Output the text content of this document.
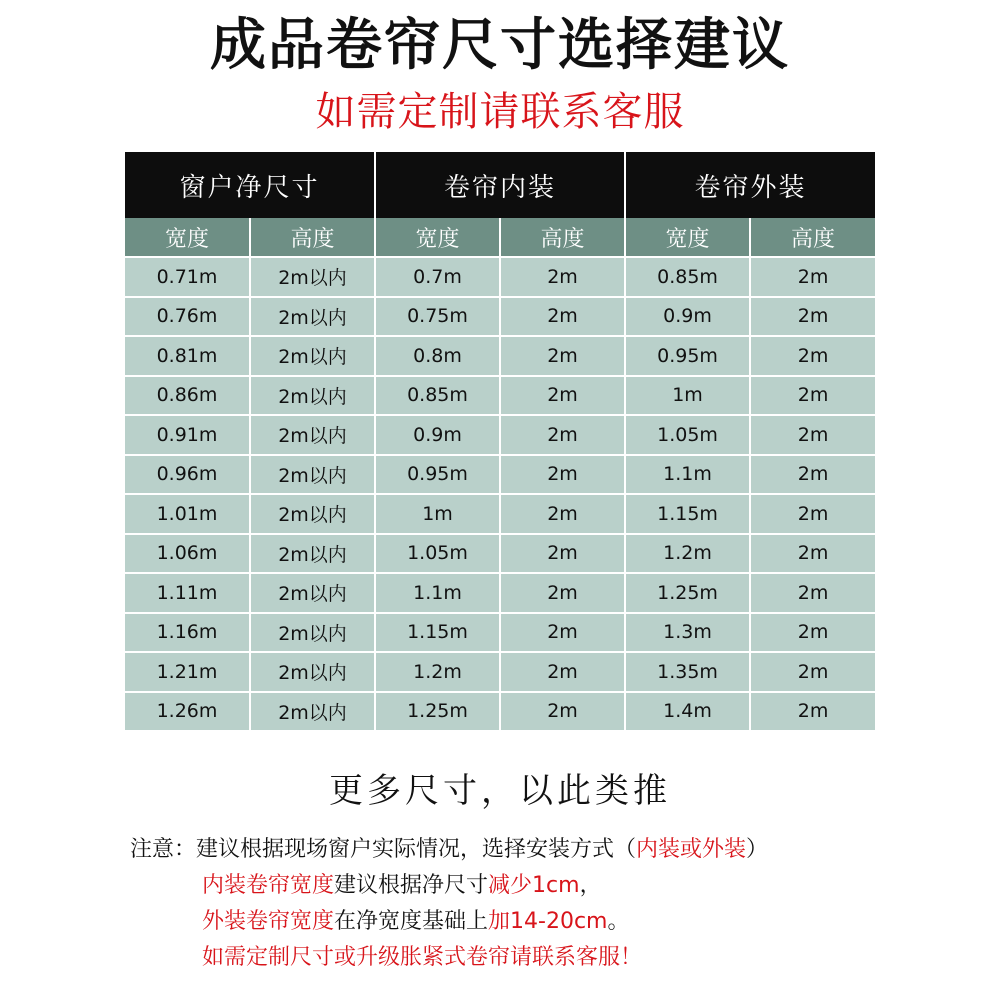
成品卷帘尺寸选择建议
如需定制请联系客服
窗户净尺寸		卷帘内装		卷帘外装	
宽度	高度	宽度	高度	宽度	高度
0.71m	2m以内	0.7m	2m	0.85m	2m
0.76m	2m以内	0.75m	2m	0.9m	2m
0.81m	2m以内	0.8m	2m	0.95m	2m
0.86m	2m以内	0.85m	2m	1m	2m
0.91m	2m以内	0.9m	2m	1.05m	2m
0.96m	2m以内	0.95m	2m	1.1m	2m
1.01m	2m以内	1m	2m	1.15m	2m
1.06m	2m以内	1.05m	2m	1.2m	2m
1.11m	2m以内	1.1m	2m	1.25m	2m
1.16m	2m以内	1.15m	2m	1.3m	2m
1.21m	2m以内	1.2m	2m	1.35m	2m
1.26m	2m以内	1.25m	2m	1.4m	2m
更多尺寸，以此类推
注意：建议根据现场窗户实际情况，选择安装方式（内装或外装）
内装卷帘宽度建议根据净尺寸减少1cm，
外装卷帘宽度在净宽度基础上加14-20cm。
如需定制尺寸或升级胀紧式卷帘请联系客服！
